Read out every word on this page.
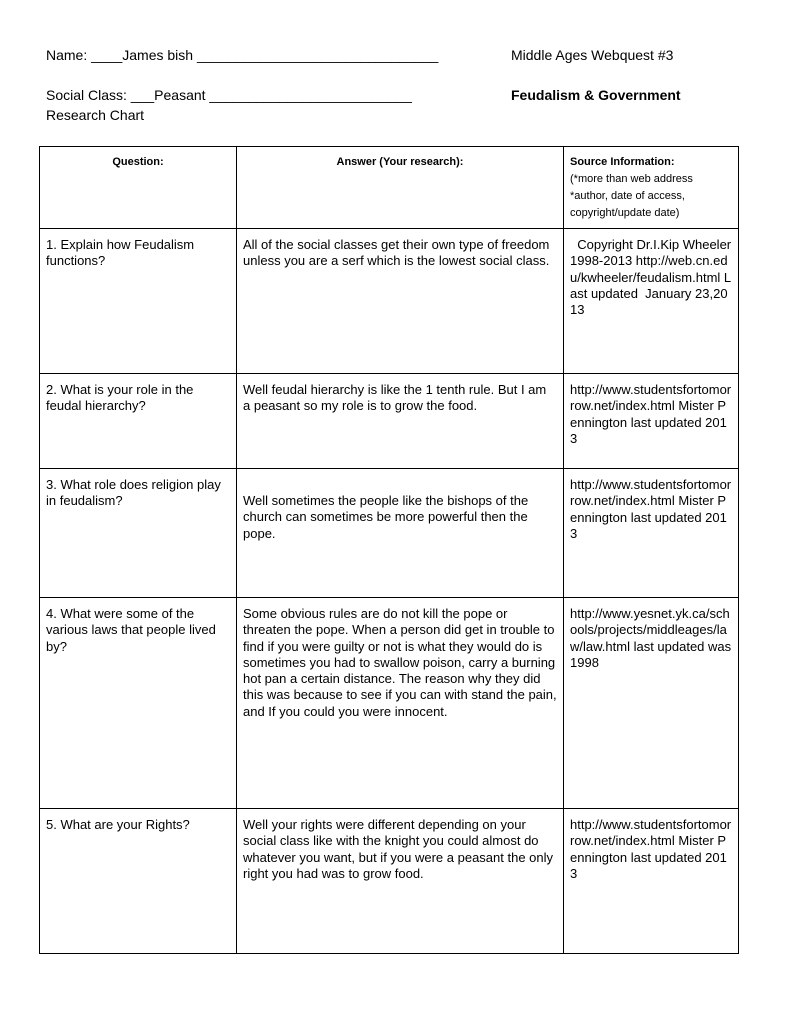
Name: ____James bish _______________________________	Middle Ages Webquest #3
Social Class: ___Peasant __________________________	Feudalism & Government
Research Chart
Question:	Answer (Your research):	Source Information:
(*more than web address
*author, date of access,
copyright/update date)

1. Explain how Feudalism functions?	All of the social classes get their own type of freedom unless you are a serf which is the lowest social class.	Copyright Dr.I.Kip Wheeler 1998-2013 http://web.cn.edu/kwheeler/feudalism.html Last updated  January 23,2013
2. What is your role in the feudal hierarchy?	Well feudal hierarchy is like the 1 tenth rule. But I am a peasant so my role is to grow the food.	http://www.studentsfortomorrow.net/index.html Mister Pennington last updated 2013
3. What role does religion play in feudalism?	Well sometimes the people like the bishops of the church can sometimes be more powerful then the pope.	http://www.studentsfortomorrow.net/index.html Mister Pennington last updated 2013
4. What were some of the various laws that people lived by?	Some obvious rules are do not kill the pope or threaten the pope. When a person did get in trouble to find if you were guilty or not is what they would do is sometimes you had to swallow poison, carry a burning hot pan a certain distance. The reason why they did this was because to see if you can with stand the pain, and If you could you were innocent.	http://www.yesnet.yk.ca/schools/projects/middleages/law/law.html last updated was 1998
5. What are your Rights?	Well your rights were different depending on your social class like with the knight you could almost do whatever you want, but if you were a peasant the only right you had was to grow food.	http://www.studentsfortomorrow.net/index.html Mister Pennington last updated 2013
